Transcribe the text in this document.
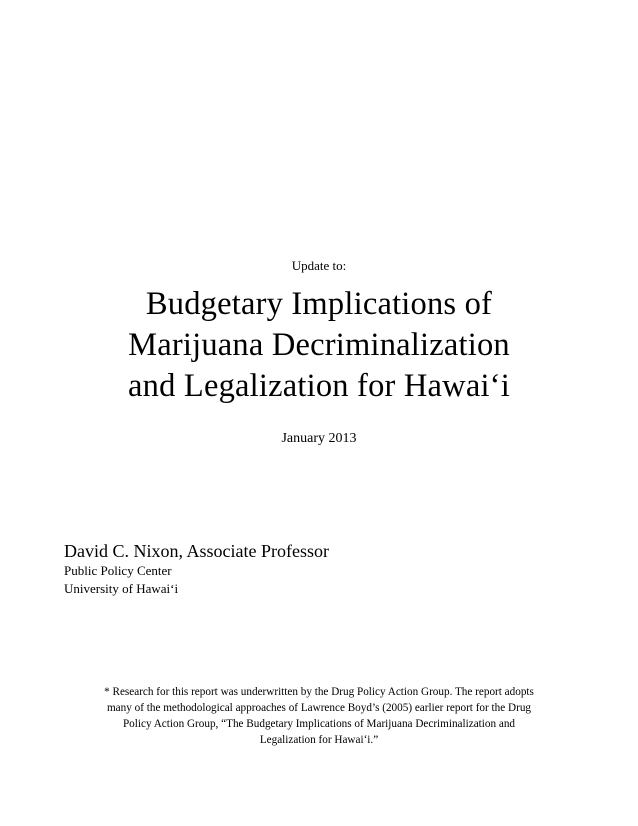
Update to:
Budgetary Implications of
Marijuana Decriminalization
and Legalization for Hawai‘i
January 2013
David C. Nixon, Associate Professor
Public Policy Center
University of Hawai‘i
* Research for this report was underwritten by the Drug Policy Action Group. The report adopts
many of the methodological approaches of Lawrence Boyd’s (2005) earlier report for the Drug
Policy Action Group, “The Budgetary Implications of Marijuana Decriminalization and
Legalization for Hawai‘i.”
